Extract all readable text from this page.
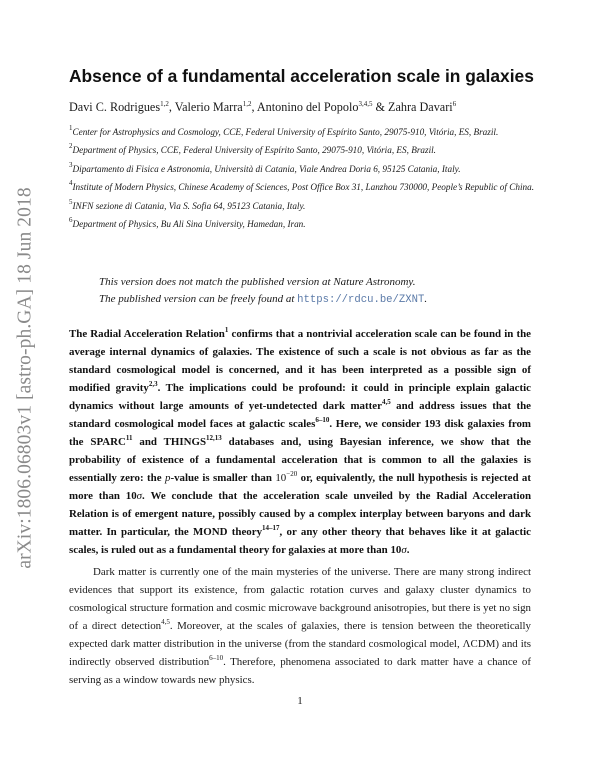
arXiv:1806.06803v1 [astro-ph.GA] 18 Jun 2018
Absence of a fundamental acceleration scale in galaxies
Davi C. Rodrigues$^{1,2}$, Valerio Marra$^{1,2}$, Antonino del Popolo$^{3,4,5}$ & Zahra Davari$^6$
$^1$Center for Astrophysics and Cosmology, CCE, Federal University of Espírito Santo, 29075-910, Vitória, ES, Brazil.
$^2$Department of Physics, CCE, Federal University of Espírito Santo, 29075-910, Vitória, ES, Brazil.
$^3$Dipartamento di Fisica e Astronomia, Università di Catania, Viale Andrea Doria 6, 95125 Catania, Italy.
$^4$Institute of Modern Physics, Chinese Academy of Sciences, Post Office Box 31, Lanzhou 730000, People’s Republic of China.
$^5$INFN sezione di Catania, Via S. Sofia 64, 95123 Catania, Italy.
$^6$Department of Physics, Bu Ali Sina University, Hamedan, Iran.
This version does not match the published version at Nature Astronomy.
The published version can be freely found at https://rdcu.be/ZXNT.
The Radial Acceleration Relation$^1$ confirms that a nontrivial acceleration scale can be found in the average internal dynamics of galaxies. The existence of such a scale is not obvious as far as the standard cosmological model is concerned, and it has been interpreted as a possible sign of modified gravity$^{2,3}$. The implications could be profound: it could in principle explain galactic dynamics without large amounts of yet-undetected dark matter$^{4,5}$ and address issues that the standard cosmological model faces at galactic scales$^{6-10}$. Here, we consider 193 disk galaxies from the SPARC$^{11}$ and THINGS$^{12,13}$ databases and, using Bayesian inference, we show that the probability of existence of a fundamental acceleration that is common to all the galaxies is essentially zero: the p-value is smaller than $10^{-20}$ or, equivalently, the null hypothesis is rejected at more than 10σ. We conclude that the acceleration scale unveiled by the Radial Acceleration Relation is of emergent nature, possibly caused by a complex interplay between baryons and dark matter. In particular, the MOND theory$^{14-17}$, or any other theory that behaves like it at galactic scales, is ruled out as a fundamental theory for galaxies at more than 10σ.
Dark matter is currently one of the main mysteries of the universe. There are many strong indirect evidences that support its existence, from galactic rotation curves and galaxy cluster dynamics to cosmological structure formation and cosmic microwave background anisotropies, but there is yet no sign of a direct detection$^{4,5}$. Moreover, at the scales of galaxies, there is tension between the theoretically expected dark matter distribution in the universe (from the standard cosmological model, ΛCDM) and its indirectly observed distribution$^{6-10}$. Therefore, phenomena associated to dark matter have a chance of serving as a window towards new physics.
1
